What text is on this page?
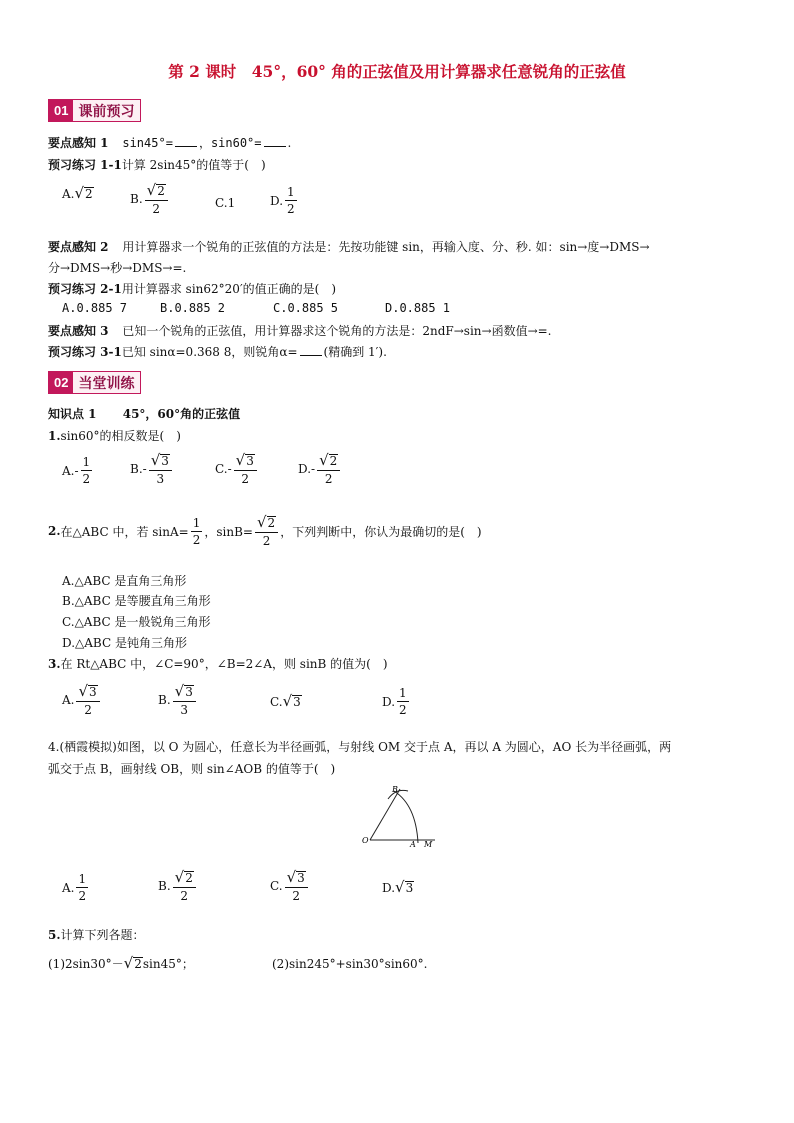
第 2 课时　45°，60° 角的正弦值及用计算器求任意锐角的正弦值
01 课前预习
要点感知 1 sin45°= ，sin60°= .
预习练习 1-1计算 2sin45°的值等于(　)
A. √ 2	B. $\frac{√ 2}{2}$	C.1	D. $\frac{1}{2}$
要点感知 2 用计算器求一个锐角的正弦值的方法是：先按功能键 sin，再输入度、分、秒. 如：sin→度→DMS→
分→DMS→秒→DMS→=.
预习练习 2-1用计算器求 sin62°20′的值正确的是(　)
A.0.885 7	B.0.885 2	C.0.885 5	D.0.885 1
要点感知 3 已知一个锐角的正弦值，用计算器求这个锐角的方法是：2ndF→sin→函数值→=.
预习练习 3-1已知 sinα=0.368 8，则锐角α= (精确到 1′).
02 当堂训练
知识点 1 45°，60°角的正弦值
1.sin60°的相反数是(　)
$A.- \frac{1}{2}$	$B.- \frac{√ 3}{3}$	$C.- \frac{√ 3}{2}$	$D.- \frac{√ 2}{2}$
2. 在△ABC 中，若 $\sin A= \frac{1}{2}$ ，$\sin B= \frac{√ 2}{2}$ ，下列判断中，你认为最确切的是(　)
A.△ABC 是直角三角形
B.△ABC 是等腰直角三角形
C.△ABC 是一般锐角三角形
D.△ABC 是钝角三角形
3.在 Rt△ABC 中，∠C=90°，∠B=2∠A，则 sinB 的值为(　)
A. $\frac{√ 3}{2}$	B. $\frac{√ 3}{3}$	C. √ 3	D. $\frac{1}{2}$
4.(栖霞模拟)如图，以 O 为圆心，任意长为半径画弧，与射线 OM 交于点 A，再以 A 为圆心，AO 长为半径画弧，两
弧交于点 B，画射线 OB，则 sin∠AOB 的值等于(　)
O	A M
B
A. $\frac{1}{2}$	B. $\frac{√ 2}{2}$	C. $\frac{√ 3}{2}$	D. √ 3
5.计算下列各题：
(1)2sin30°－ √ 2 sin45°；	(2)sin245°+sin30°sin60°.
